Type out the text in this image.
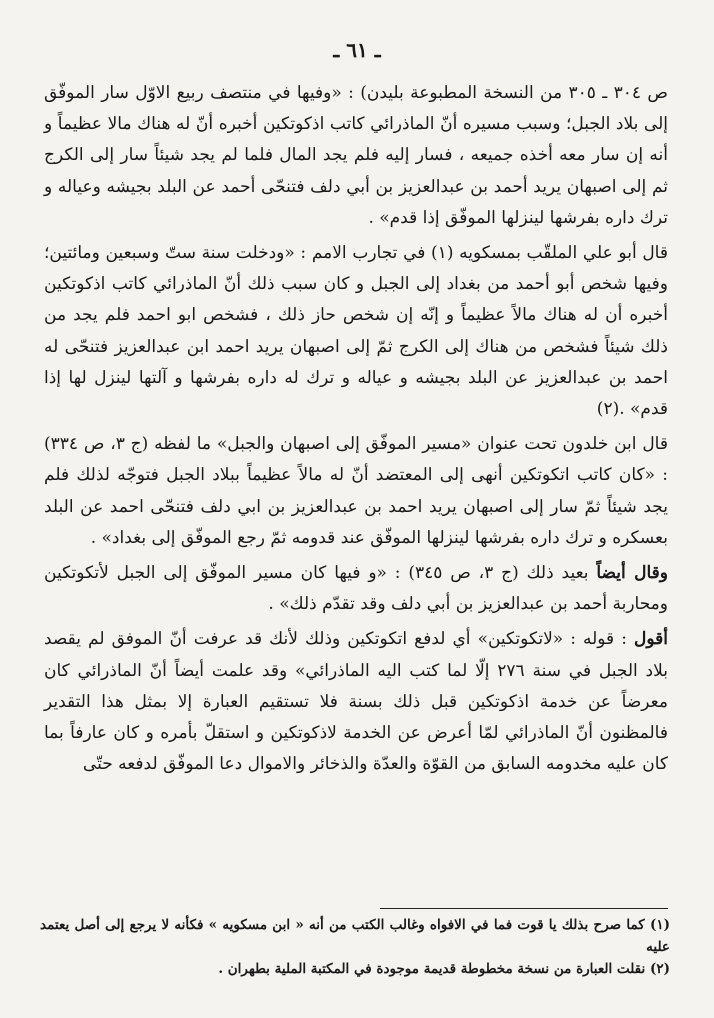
ـ ٦١ ـ

ص ٣٠٤ ـ ٣٠٥ من النسخة المطبوعة بليدن) : «وفيها في منتصف ربيع الاوّل سار الموفّق إلى بلاد الجبل؛ وسبب مسيره أنّ الماذرائي كاتب اذكوتكين أخبره أنّ له هناك مالا عظيماً و أنه إن سار معه أخذه جميعه ، فسار إليه فلم يجد المال فلما لم يجد شيئاً سار إلى الكرج ثم إلى اصبهان يريد أحمد بن عبدالعزيز بن أبي دلف فتنحّى أحمد عن البلد بجيشه وعياله و ترك داره بفرشها لينزلها الموفّق إذا قدم» .

قال أبو علي الملقّب بمسكويه (١) في تجارب الامم : «ودخلت سنة ستّ وسبعين ومائتين؛ وفيها شخص أبو أحمد من بغداد إلى الجبل و كان سبب ذلك أنّ الماذرائي كاتب اذكوتكين أخبره أن له هناك مالاً عظيماً و إنّه إن شخص حاز ذلك ، فشخص ابو احمد فلم يجد من ذلك شيئاً فشخص من هناك إلى الكرج ثمّ إلى اصبهان يريد احمد ابن عبدالعزيز فتنحّى له احمد بن عبدالعزيز عن البلد بجيشه و عياله و ترك له داره بفرشها و آلتها لينزل لها إذا قدم» .(٢)

قال ابن خلدون تحت عنوان «مسير الموفّق إلى اصبهان والجبل» ما لفظه (ج ٣، ص ٣٣٤) : «كان كاتب اتكوتكين أنهى إلى المعتضد أنّ له مالاً عظيماً ببلاد الجبل فتوجّه لذلك فلم يجد شيئاً ثمّ سار إلى اصبهان يريد احمد بن عبدالعزيز بن ابي دلف فتنحّى احمد عن البلد بعسكره و ترك داره بفرشها لينزلها الموفّق عند قدومه ثمّ رجع الموفّق إلى بغداد» .

وقال أيضاً بعيد ذلك (ج ٣، ص ٣٤٥) : «و فيها كان مسير الموفّق إلى الجبل لأتكوتكين ومحاربة أحمد بن عبدالعزيز بن أبي دلف وقد تقدّم ذلك» .

أقول : قوله : «لاتكوتكين» أي لدفع اتكوتكين وذلك لأنك قد عرفت أنّ الموفق لم يقصد بلاد الجبل في سنة ٢٧٦ إلّا لما كتب اليه الماذرائي» وقد علمت أيضاً أنّ الماذرائي كان معرضاً عن خدمة اذكوتكين قبل ذلك بسنة فلا تستقيم العبارة إلا بمثل هذا التقدير فالمظنون أنّ الماذرائي لمّا أعرض عن الخدمة لاذكوتكين و استقلّ بأمره و كان عارفاً بما كان عليه مخدومه السابق من القوّة والعدّة والذخائر والاموال دعا الموفّق لدفعه حتّى

(١) كما صرح بذلك يا قوت فما في الافواه وغالب الكتب من أنه « ابن مسكويه » فكأنه لا يرجع إلى أصل يعتمد عليه

(٢) نقلت العبارة من نسخة مخطوطة قديمة موجودة في المكتبة الملية بطهران .
